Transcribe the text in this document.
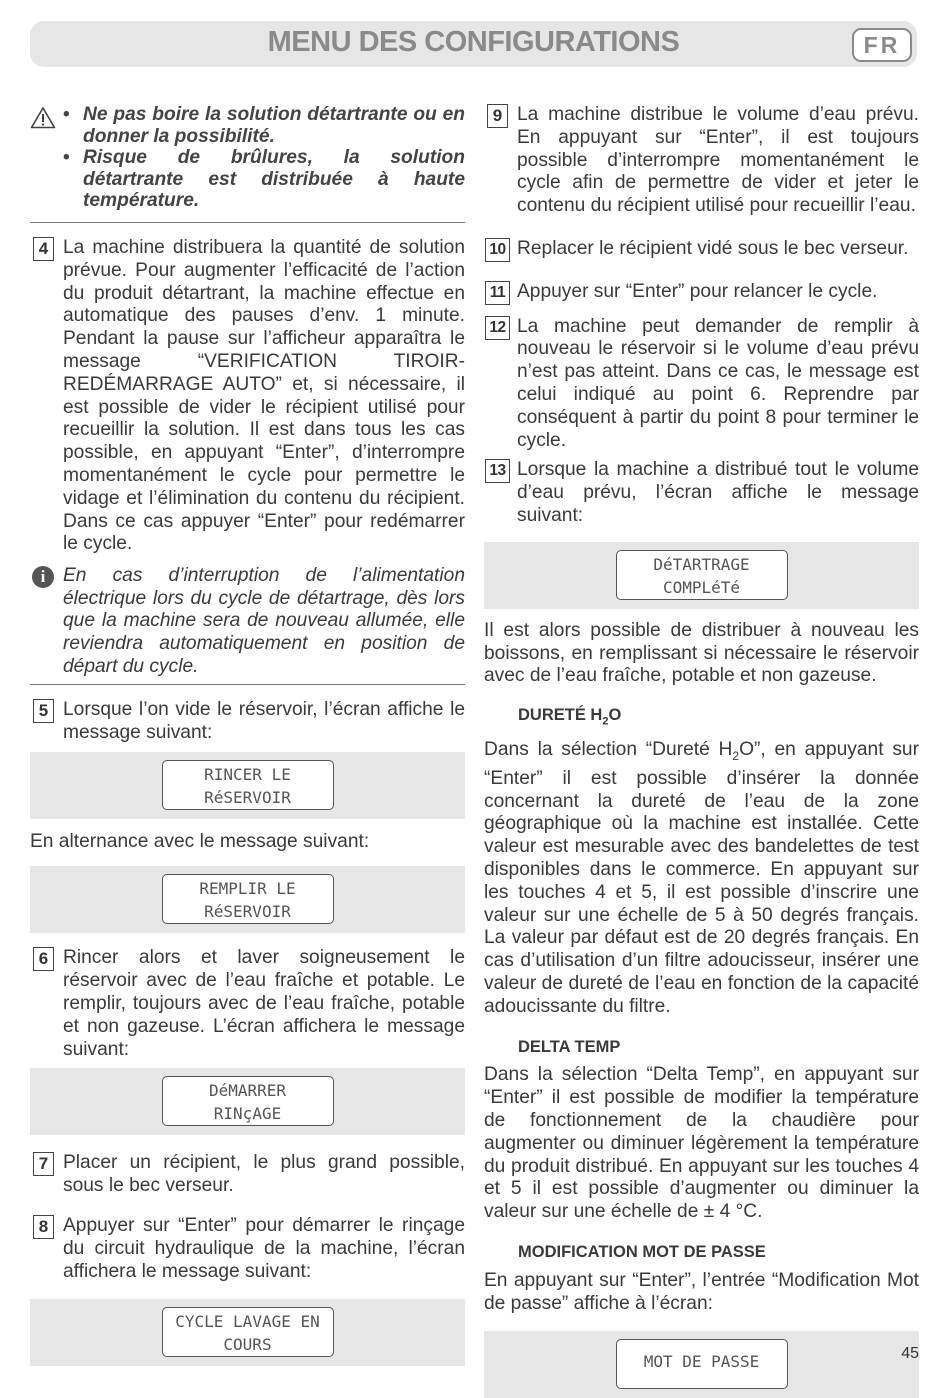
MENU DES CONFIGURATIONS	FR
• Ne pas boire la solution détartrante ou en donner la possibilité.
• Risque de brûlures, la solution détartrante est distribuée à haute température.
4 La machine distribuera la quantité de solution prévue. Pour augmenter l’efficacité de l’action du produit détartrant, la machine effectue en automatique des pauses d’env. 1 minute. Pendant la pause sur l’afficheur apparaîtra le message “VERIFICATION TIROIR-REDÉMARRAGE AUTO” et, si nécessaire, il est possible de vider le récipient utilisé pour recueillir la solution. Il est dans tous les cas possible, en appuyant “Enter”, d’interrompre momentanément le cycle pour permettre le vidage et l’élimination du contenu du récipient. Dans ce cas appuyer “Enter” pour redémarrer le cycle.
i En cas d’interruption de l’alimentation électrique lors du cycle de détartrage, dès lors que la machine sera de nouveau allumée, elle reviendra automatiquement en position de départ du cycle.
5 Lorsque l’on vide le réservoir, l’écran affiche le message suivant:
RINCER LE
RéSERVOIR
En alternance avec le message suivant:
REMPLIR LE
RéSERVOIR
6 Rincer alors et laver soigneusement le réservoir avec de l’eau fraîche et potable. Le remplir, toujours avec de l’eau fraîche, potable et non gazeuse. L’écran affichera le message suivant:
DéMARRER
RINçAGE
7 Placer un récipient, le plus grand possible, sous le bec verseur.
8 Appuyer sur “Enter” pour démarrer le rinçage du circuit hydraulique de la machine, l’écran affichera le message suivant:
CYCLE LAVAGE EN
COURS
9 La machine distribue le volume d’eau prévu. En appuyant sur “Enter”, il est toujours possible d’interrompre momentanément le cycle afin de permettre de vider et jeter le contenu du récipient utilisé pour recueillir l’eau.
10 Replacer le récipient vidé sous le bec verseur.
11 Appuyer sur “Enter” pour relancer le cycle.
12 La machine peut demander de remplir à nouveau le réservoir si le volume d’eau prévu n’est pas atteint. Dans ce cas, le message est celui indiqué au point 6. Reprendre par conséquent à partir du point 8 pour terminer le cycle.
13 Lorsque la machine a distribué tout le volume d’eau prévu, l’écran affiche le message suivant:
DéTARTRAGE
COMPLéTé
Il est alors possible de distribuer à nouveau les boissons, en remplissant si nécessaire le réservoir avec de l’eau fraîche, potable et non gazeuse.
DURETÉ $H_2O$
Dans la sélection “Dureté $H_2O$”, en appuyant sur “Enter” il est possible d’insérer la donnée concernant la dureté de l’eau de la zone géographique où la machine est installée. Cette valeur est mesurable avec des bandelettes de test disponibles dans le commerce. En appuyant sur les touches 4 et 5, il est possible d’inscrire une valeur sur une échelle de 5 à 50 degrés français. La valeur par défaut est de 20 degrés français. En cas d’utilisation d’un filtre adoucisseur, insérer une valeur de dureté de l’eau en fonction de la capacité adoucissante du filtre.
DELTA TEMP
Dans la sélection “Delta Temp”, en appuyant sur “Enter” il est possible de modifier la température de fonctionnement de la chaudière pour augmenter ou diminuer légèrement la température du produit distribué. En appuyant sur les touches 4 et 5 il est possible d’augmenter ou diminuer la valeur sur une échelle de ± 4 °C.
MODIFICATION MOT DE PASSE
En appuyant sur “Enter”, l’entrée “Modification Mot de passe” affiche à l’écran:
MOT DE PASSE	45
